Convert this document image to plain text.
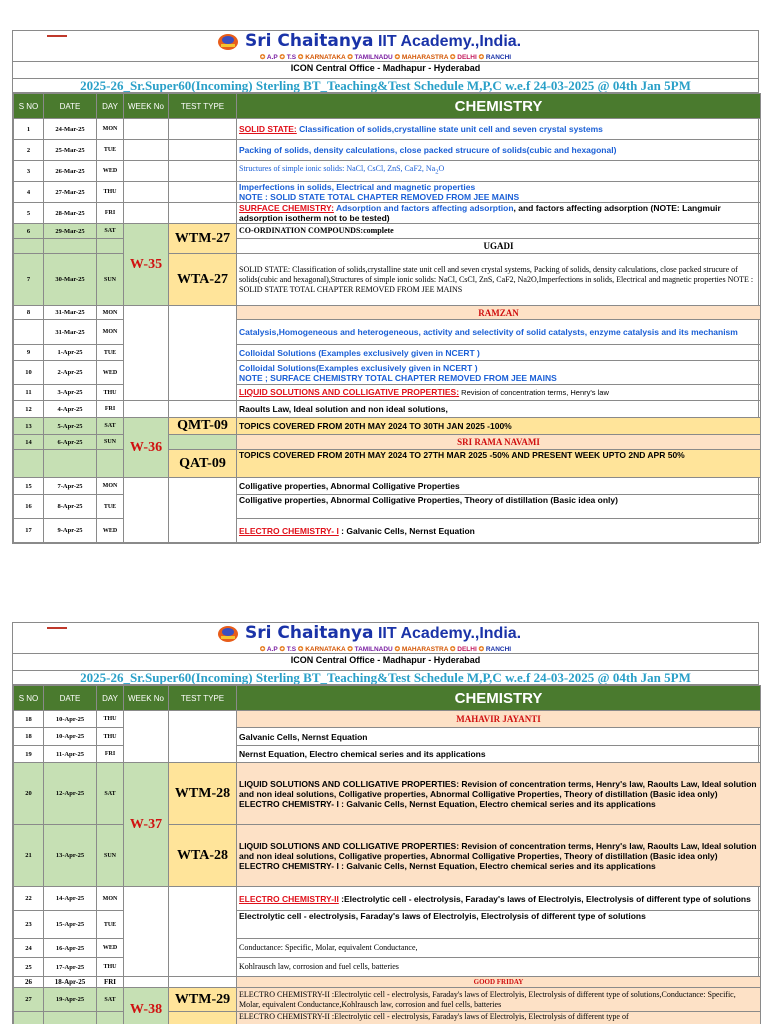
Sri Chaitanya IIT Academy.,India.
✪ A.P ✪ T.S ✪ KARNATAKA ✪ TAMILNADU ✪ MAHARASTRA ✪ DELHI ✪ RANCHI
ICON Central Office - Madhapur - Hyderabad
2025-26_Sr.Super60(Incoming) Sterling BT_Teaching&Test Schedule M,P,C w.e.f 24-03-2025 @ 04th Jan 5PM
S NO	DATE	DAY	WEEK No	TEST TYPE	CHEMISTRY
1	24-Mar-25	MON			SOLID STATE: Classification of solids,crystalline state unit cell and seven crystal systems
2	25-Mar-25	TUE			Packing of solids, density calculations, close packed strucure of solids(cubic and hexagonal)
3	26-Mar-25	WED			Structures of simple ionic solids: NaCl, CsCl, ZnS, CaF2, $Na_2O$
4	27-Mar-25	THU			Imperfections in solids, Electrical and magnetic properties
NOTE : SOLID STATE TOTAL CHAPTER REMOVED FROM JEE MAINS

5	28-Mar-25	FRI			SURFACE CHEMISTRY: Adsorption and factors affecting adsorption, and factors affecting adsorption (NOTE: Langmuir adsorption isotherm not to be tested)
6	29-Mar-25	SAT	W-35	WTM-27	CO-ORDINATION COMPOUNDS:complete
					UGADI
7	30-Mar-25	SUN		WTA-27	SOLID STATE: Classification of solids,crystalline state unit cell and seven crystal systems, Packing of solids, density calculations, close packed strucure of solids(cubic and hexagonal),Structures of simple ionic solids: NaCl, CsCl, ZnS, CaF2, Na2O,Imperfections in solids, Electrical and magnetic properties NOTE : SOLID STATE TOTAL CHAPTER REMOVED FROM JEE MAINS
8	31-Mar-25	MON			RAMZAN
	31-Mar-25	MON			Catalysis,Homogeneous and heterogeneous, activity and selectivity of solid catalysts, enzyme catalysis and its mechanism
9	1-Apr-25	TUE			Colloidal Solutions (Examples exclusively given in NCERT )
10	2-Apr-25	WED			Colloidal Solutions(Examples exclusively given in NCERT )
NOTE ; SURFACE CHEMISTRY TOTAL CHAPTER REMOVED FROM JEE MAINS

11	3-Apr-25	THU			LIQUID SOLUTIONS AND COLLIGATIVE PROPERTIES: Revision of concentration terms, Henry's law
12	4-Apr-25	FRI			Raoults Law, Ideal solution and non ideal solutions,
13	5-Apr-25	SAT	W-36	QMT-09	TOPICS COVERED FROM 20TH MAY 2024 TO 30TH JAN 2025 -100%
14	6-Apr-25	SUN			SRI RAMA NAVAMI
				QAT-09	TOPICS COVERED FROM 20TH MAY 2024 TO 27TH MAR 2025 -50% AND PRESENT WEEK UPTO 2ND APR 50%
15	7-Apr-25	MON			Colligative properties, Abnormal Colligative Properties
16	8-Apr-25	TUE			Colligative properties, Abnormal Colligative Properties, Theory of distillation (Basic idea only)
17	9-Apr-25	WED			ELECTRO CHEMISTRY- I : Galvanic Cells, Nernst Equation
Sri Chaitanya IIT Academy.,India.
✪ A.P ✪ T.S ✪ KARNATAKA ✪ TAMILNADU ✪ MAHARASTRA ✪ DELHI ✪ RANCHI
ICON Central Office - Madhapur - Hyderabad
2025-26_Sr.Super60(Incoming) Sterling BT_Teaching&Test Schedule M,P,C w.e.f 24-03-2025 @ 04th Jan 5PM
S NO	DATE	DAY	WEEK No	TEST TYPE	CHEMISTRY
18	10-Apr-25	THU			MAHAVIR JAYANTI
18	10-Apr-25	THU			Galvanic Cells, Nernst Equation
19	11-Apr-25	FRI			Nernst Equation, Electro chemical series and its applications
20	12-Apr-25	SAT	W-37	WTM-28	LIQUID SOLUTIONS AND COLLIGATIVE PROPERTIES: Revision of concentration terms, Henry's law, Raoults Law, Ideal solution and non ideal solutions, Colligative properties, Abnormal Colligative Properties, Theory of distillation (Basic idea only)
ELECTRO CHEMISTRY- I : Galvanic Cells, Nernst Equation, Electro chemical series and its applications

21	13-Apr-25	SUN		WTA-28	LIQUID SOLUTIONS AND COLLIGATIVE PROPERTIES: Revision of concentration terms, Henry's law, Raoults Law, Ideal solution and non ideal solutions, Colligative properties, Abnormal Colligative Properties, Theory of distillation (Basic idea only)
ELECTRO CHEMISTRY- I : Galvanic Cells, Nernst Equation, Electro chemical series and its applications

22	14-Apr-25	MON			ELECTRO CHEMISTRY-II :Electrolytic cell - electrolysis, Faraday's laws of Electrolyis, Electrolysis of different type of solutions
23	15-Apr-25	TUE			Electrolytic cell - electrolysis, Faraday's laws of Electrolyis, Electrolysis of different type of solutions
24	16-Apr-25	WED			Conductance: Specific, Molar, equivalent Conductance,
25	17-Apr-25	THU			Kohlrausch law, corrosion and fuel cells, batteries
26	18-Apr-25	FRI			GOOD FRIDAY
27	19-Apr-25	SAT	W-38	WTM-29	ELECTRO CHEMISTRY-II :Electrolytic cell - electrolysis, Faraday's laws of Electrolyis, Electrolysis of different type of solutions,Conductance: Specific, Molar, equivalent Conductance,Kohlrausch law, corrosion and fuel cells, batteries
					ELECTRO CHEMISTRY-II :Electrolytic cell - electrolysis, Faraday's laws of Electrolyis, Electrolysis of different type of
